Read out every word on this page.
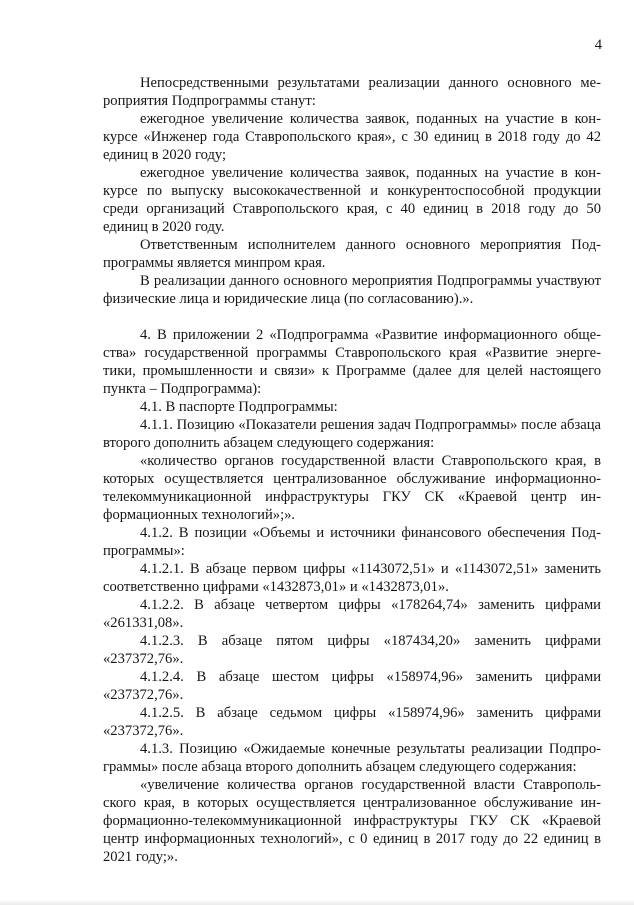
4

Непосредственными результатами реализации данного основного мероприятия Подпрограммы станут:

ежегодное увеличение количества заявок, поданных на участие в конкурсе «Инженер года Ставропольского края», с 30 единиц в 2018 году до 42 единиц в 2020 году;

ежегодное увеличение количества заявок, поданных на участие в конкурсе по выпуску высококачественной и конкурентоспособной продукции среди организаций Ставропольского края, с 40 единиц в 2018 году до 50 единиц в 2020 году.

Ответственным исполнителем данного основного мероприятия Подпрограммы является минпром края.

В реализации данного основного мероприятия Подпрограммы участвуют физические лица и юридические лица (по согласованию).».

4. В приложении 2 «Подпрограмма «Развитие информационного общества» государственной программы Ставропольского края «Развитие энергетики, промышленности и связи» к Программе (далее для целей настоящего пункта – Подпрограмма):

4.1. В паспорте Подпрограммы:

4.1.1. Позицию «Показатели решения задач Подпрограммы» после абзаца второго дополнить абзацем следующего содержания:

«количество органов государственной власти Ставропольского края, в которых осуществляется централизованное обслуживание информационно-телекоммуникационной инфраструктуры ГКУ СК «Краевой центр информационных технологий»;».

4.1.2. В позиции «Объемы и источники финансового обеспечения Подпрограммы»:

4.1.2.1. В абзаце первом цифры «1143072,51» и «1143072,51» заменить соответственно цифрами «1432873,01» и «1432873,01».

4.1.2.2. В абзаце четвертом цифры «178264,74» заменить цифрами «261331,08».

4.1.2.3. В абзаце пятом цифры «187434,20» заменить цифрами «237372,76».

4.1.2.4. В абзаце шестом цифры «158974,96» заменить цифрами «237372,76».

4.1.2.5. В абзаце седьмом цифры «158974,96» заменить цифрами «237372,76».

4.1.3. Позицию «Ожидаемые конечные результаты реализации Подпрограммы» после абзаца второго дополнить абзацем следующего содержания:

«увеличение количества органов государственной власти Ставропольского края, в которых осуществляется централизованное обслуживание информационно-телекоммуникационной инфраструктуры ГКУ СК «Краевой центр информационных технологий», с 0 единиц в 2017 году до 22 единиц в 2021 году;».
